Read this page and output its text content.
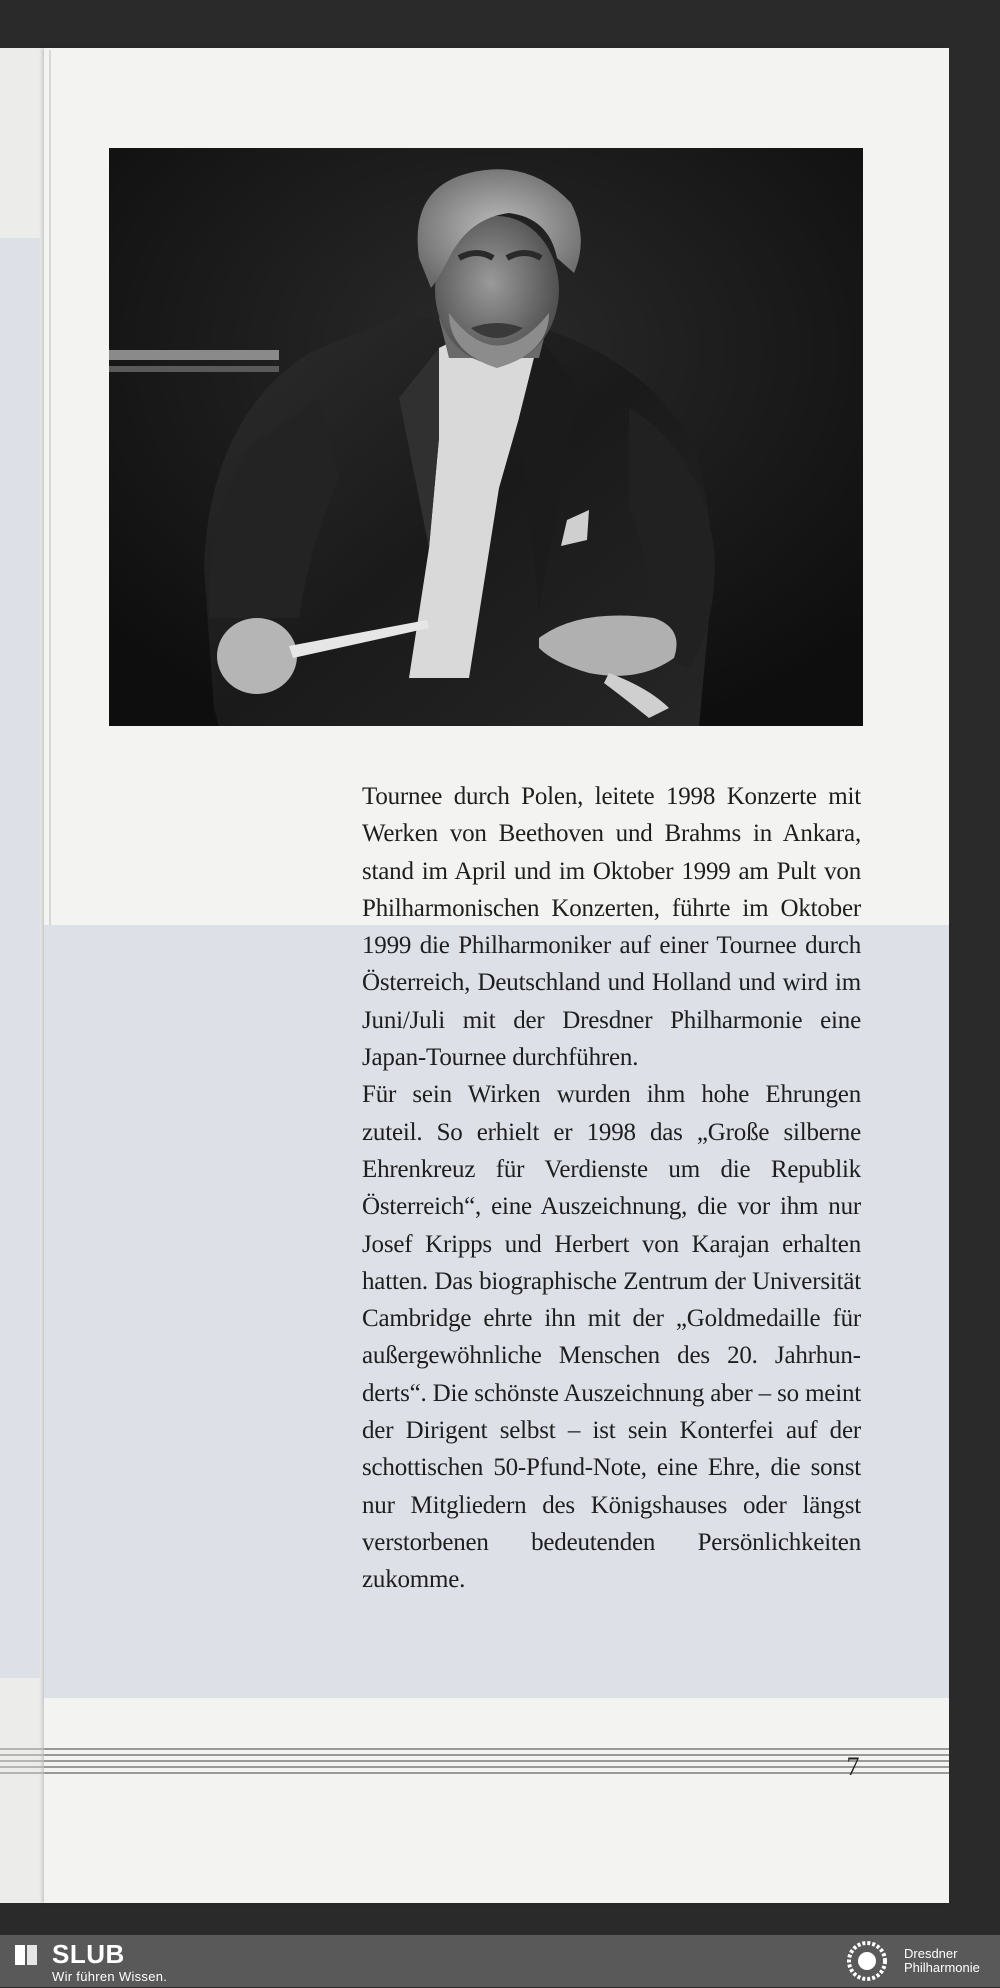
Tournee durch Polen, leitete 1998 Konzerte mit Werken von Beethoven und Brahms in Ankara, stand im April und im Oktober 1999 am Pult von Philharmonischen Konzerten, führte im Oktober 1999 die Philharmoniker auf einer Tournee durch Österreich, Deutschland und Holland und wird im Juni/Juli mit der Dresdner Philharmonie eine Japan-Tournee durchführen.

Für sein Wirken wurden ihm hohe Ehrungen zuteil. So erhielt er 1998 das „Große silberne Ehrenkreuz für Verdienste um die Republik Österreich“, eine Auszeichnung, die vor ihm nur Josef Kripps und Herbert von Karajan erhalten hatten. Das biographische Zentrum der Universität Cambridge ehrte ihn mit der „Goldmedaille für außergewöhnliche Menschen des 20. Jahrhunderts“. Die schönste Auszeichnung aber – so meint der Dirigent selbst – ist sein Konterfei auf der schottischen 50-Pfund-Note, eine Ehre, die sonst nur Mitgliedern des Königshauses oder längst verstorbenen bedeutenden Persönlichkeiten zukomme.

7
SLUB
Wir führen Wissen.
Dresdner
Philharmonie
